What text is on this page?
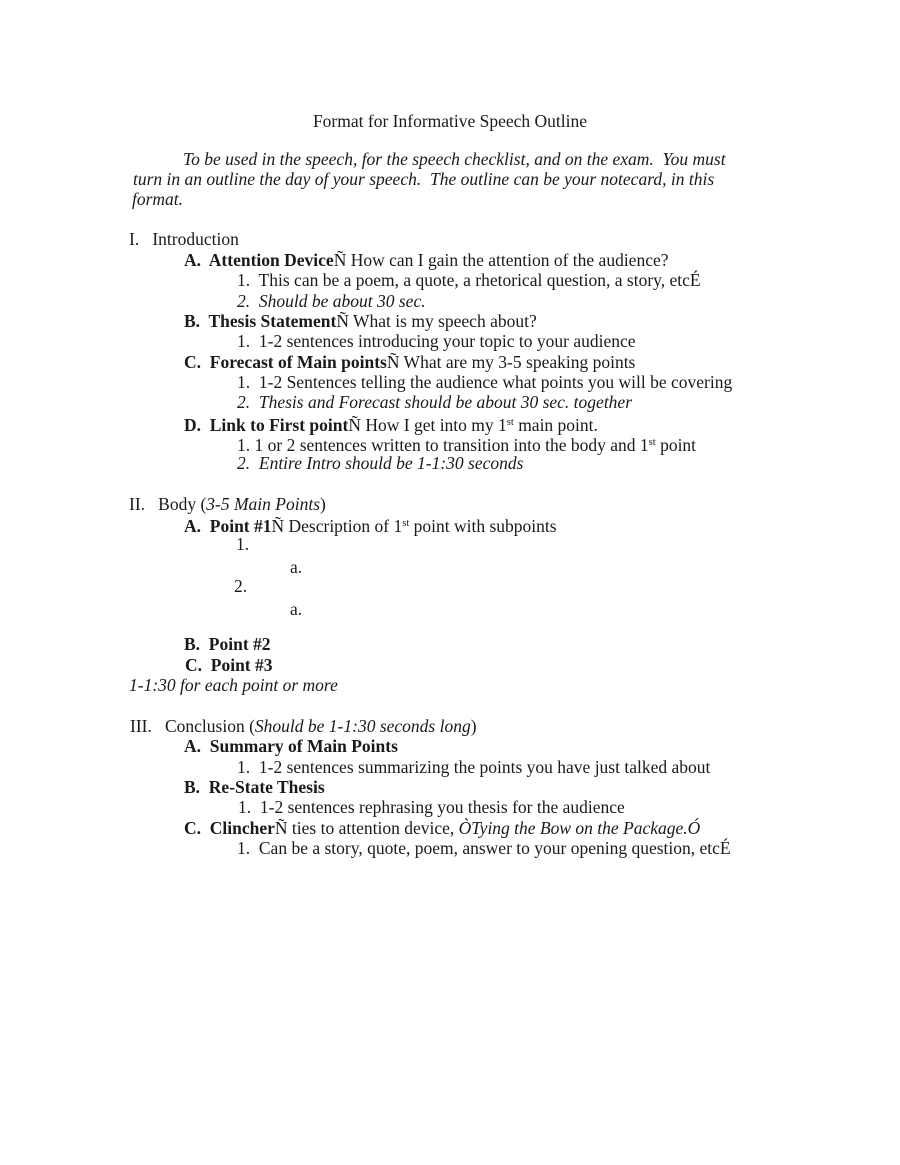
Format for Informative Speech Outline
To be used in the speech, for the speech checklist, and on the exam.  You must
turn in an outline the day of your speech.  The outline can be your notecard, in this
format.
I.   Introduction
A.  Attention DeviceÑ How can I gain the attention of the audience?
1.  This can be a poem, a quote, a rhetorical question, a story, etcÉ
2.  Should be about 30 sec.
B.  Thesis StatementÑ What is my speech about?
1.  1-2 sentences introducing your topic to your audience
C.  Forecast of Main pointsÑ What are my 3-5 speaking points
1.  1-2 Sentences telling the audience what points you will be covering
2.  Thesis and Forecast should be about 30 sec. together
D.  Link to First pointÑ How I get into my 1st main point.
1. 1 or 2 sentences written to transition into the body and 1st point
2.  Entire Intro should be 1-1:30 seconds
II.   Body (3-5 Main Points)
A.  Point #1Ñ Description of 1st point with subpoints
1.
a.
2.
a.
B.  Point #2
C.  Point #3
1-1:30 for each point or more
III.   Conclusion (Should be 1-1:30 seconds long)
A.  Summary of Main Points
1.  1-2 sentences summarizing the points you have just talked about
B.  Re-State Thesis
1.  1-2 sentences rephrasing you thesis for the audience
C.  ClincherÑ ties to attention device, ÒTying the Bow on the Package.Ó
1.  Can be a story, quote, poem, answer to your opening question, etcÉ
